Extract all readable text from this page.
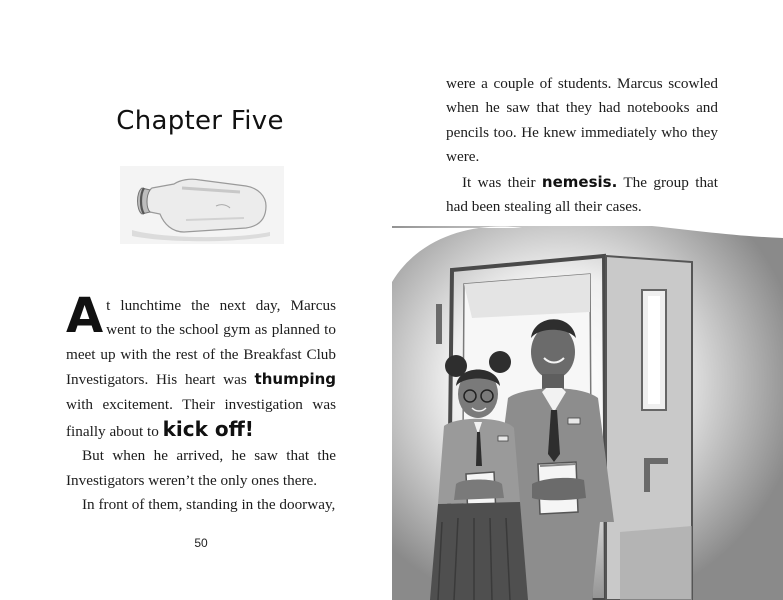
Chapter Five

At lunchtime the next day, Marcus went to the school gym as planned to meet up with the rest of the Breakfast Club Investigators. His heart was thumping with excitement. Their investigation was finally about to kick off!

But when he arrived, he saw that the Investigators weren’t the only ones there.

In front of them, standing in the doorway,

50

were a couple of students. Marcus scowled when he saw that they had notebooks and pencils too. He knew immediately who they were.

It was their nemesis. The group that had been stealing all their cases.
